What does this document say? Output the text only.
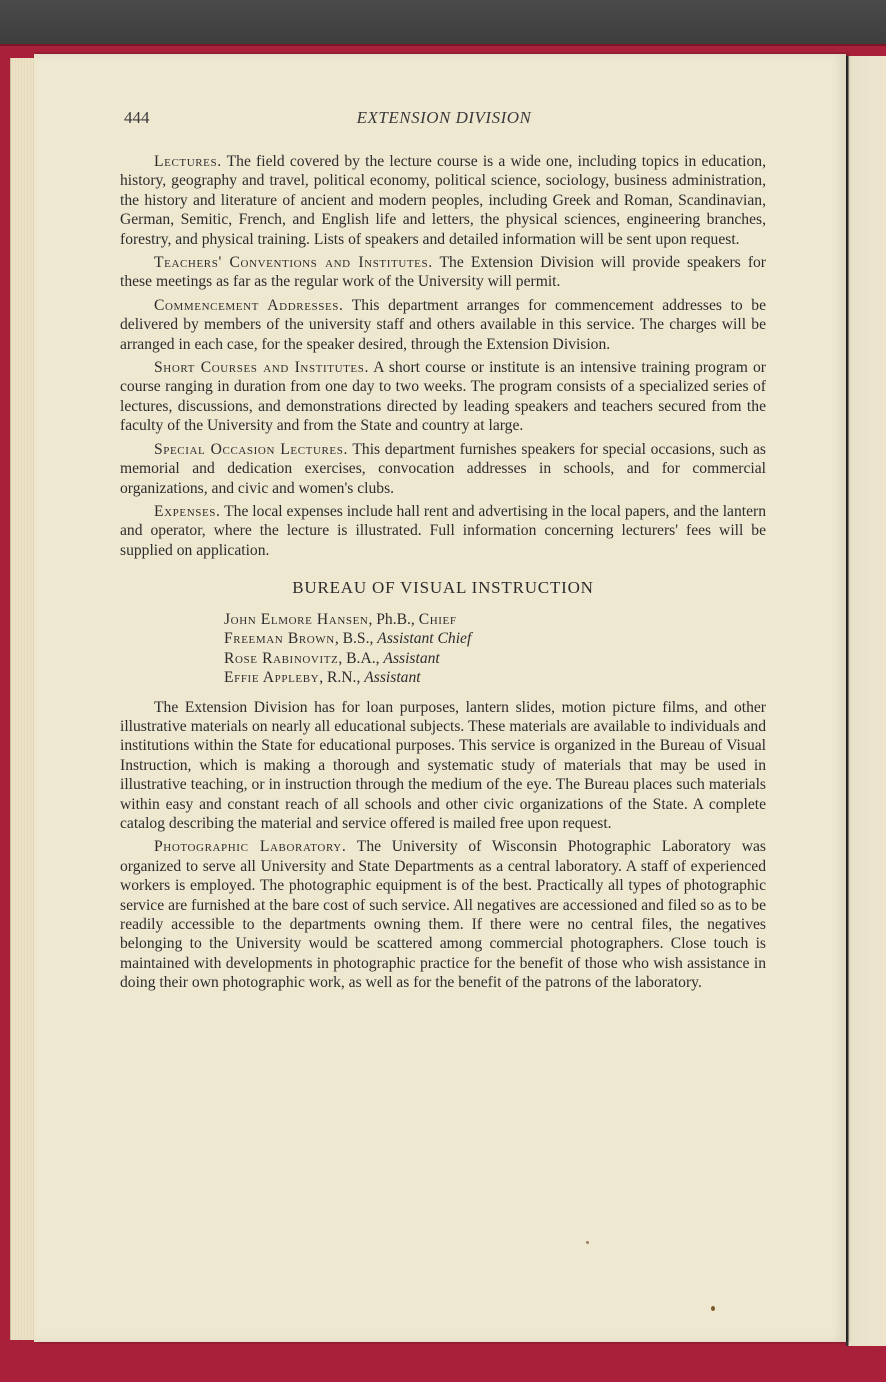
444	EXTENSION DIVISION

Lectures. The field covered by the lecture course is a wide one, including topics in education, history, geography and travel, political economy, political science, sociology, business administration, the history and literature of ancient and modern peoples, including Greek and Roman, Scandinavian, German, Semitic, French, and English life and letters, the physical sciences, engineering branches, forestry, and physical training. Lists of speakers and detailed information will be sent upon request.

Teachers' Conventions and Institutes. The Extension Division will provide speakers for these meetings as far as the regular work of the University will permit.

Commencement Addresses. This department arranges for commencement addresses to be delivered by members of the university staff and others available in this service. The charges will be arranged in each case, for the speaker desired, through the Extension Division.

Short Courses and Institutes. A short course or institute is an intensive training program or course ranging in duration from one day to two weeks. The program consists of a specialized series of lectures, discussions, and demonstrations directed by leading speakers and teachers secured from the faculty of the University and from the State and country at large.

Special Occasion Lectures. This department furnishes speakers for special occasions, such as memorial and dedication exercises, convocation addresses in schools, and for commercial organizations, and civic and women's clubs.

Expenses. The local expenses include hall rent and advertising in the local papers, and the lantern and operator, where the lecture is illustrated. Full information concerning lecturers' fees will be supplied on application.

BUREAU OF VISUAL INSTRUCTION
John Elmore Hansen, Ph.B., Chief
Freeman Brown, B.S., Assistant Chief
Rose Rabinovitz, B.A., Assistant
Effie Appleby, R.N., Assistant

The Extension Division has for loan purposes, lantern slides, motion picture films, and other illustrative materials on nearly all educational subjects. These materials are available to individuals and institutions within the State for educational purposes. This service is organized in the Bureau of Visual Instruction, which is making a thorough and systematic study of materials that may be used in illustrative teaching, or in instruction through the medium of the eye. The Bureau places such materials within easy and constant reach of all schools and other civic organizations of the State. A complete catalog describing the material and service offered is mailed free upon request.

Photographic Laboratory. The University of Wisconsin Photographic Laboratory was organized to serve all University and State Departments as a central laboratory. A staff of experienced workers is employed. The photographic equipment is of the best. Practically all types of photographic service are furnished at the bare cost of such service. All negatives are accessioned and filed so as to be readily accessible to the departments owning them. If there were no central files, the negatives belonging to the University would be scattered among commercial photographers. Close touch is maintained with developments in photographic practice for the benefit of those who wish assistance in doing their own photographic work, as well as for the benefit of the patrons of the laboratory.
